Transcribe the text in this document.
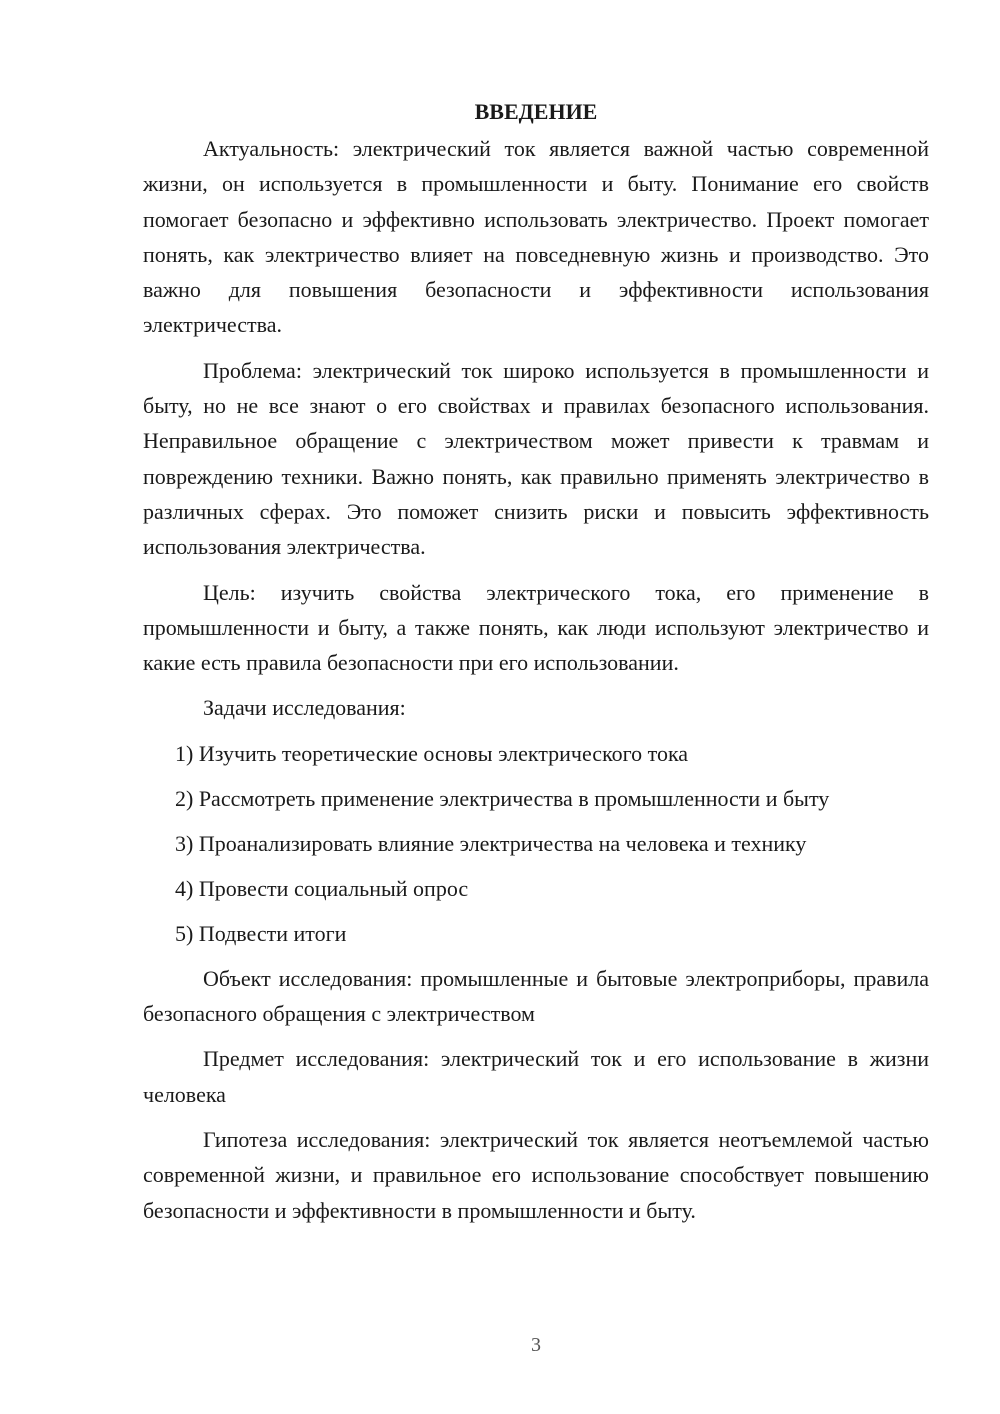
ВВЕДЕНИЕ

Актуальность: электрический ток является важной частью современной жизни, он используется в промышленности и быту. Понимание его свойств помогает безопасно и эффективно использовать электричество. Проект помогает понять, как электричество влияет на повседневную жизнь и производство. Это важно для повышения безопасности и эффективности использования электричества.

Проблема: электрический ток широко используется в промышленности и быту, но не все знают о его свойствах и правилах безопасного использования. Неправильное обращение с электричеством может привести к травмам и повреждению техники. Важно понять, как правильно применять электричество в различных сферах. Это поможет снизить риски и повысить эффективность использования электричества.

Цель: изучить свойства электрического тока, его применение в промышленности и быту, а также понять, как люди используют электричество и какие есть правила безопасности при его использовании.

Задачи исследования:

1) Изучить теоретические основы электрического тока
2) Рассмотреть применение электричества в промышленности и быту
3) Проанализировать влияние электричества на человека и технику
4) Провести социальный опрос
5) Подвести итоги

Объект исследования: промышленные и бытовые электроприборы, правила безопасного обращения с электричеством

Предмет исследования: электрический ток и его использование в жизни человека

Гипотеза исследования: электрический ток является неотъемлемой частью современной жизни, и правильное его использование способствует повышению безопасности и эффективности в промышленности и быту.

3
